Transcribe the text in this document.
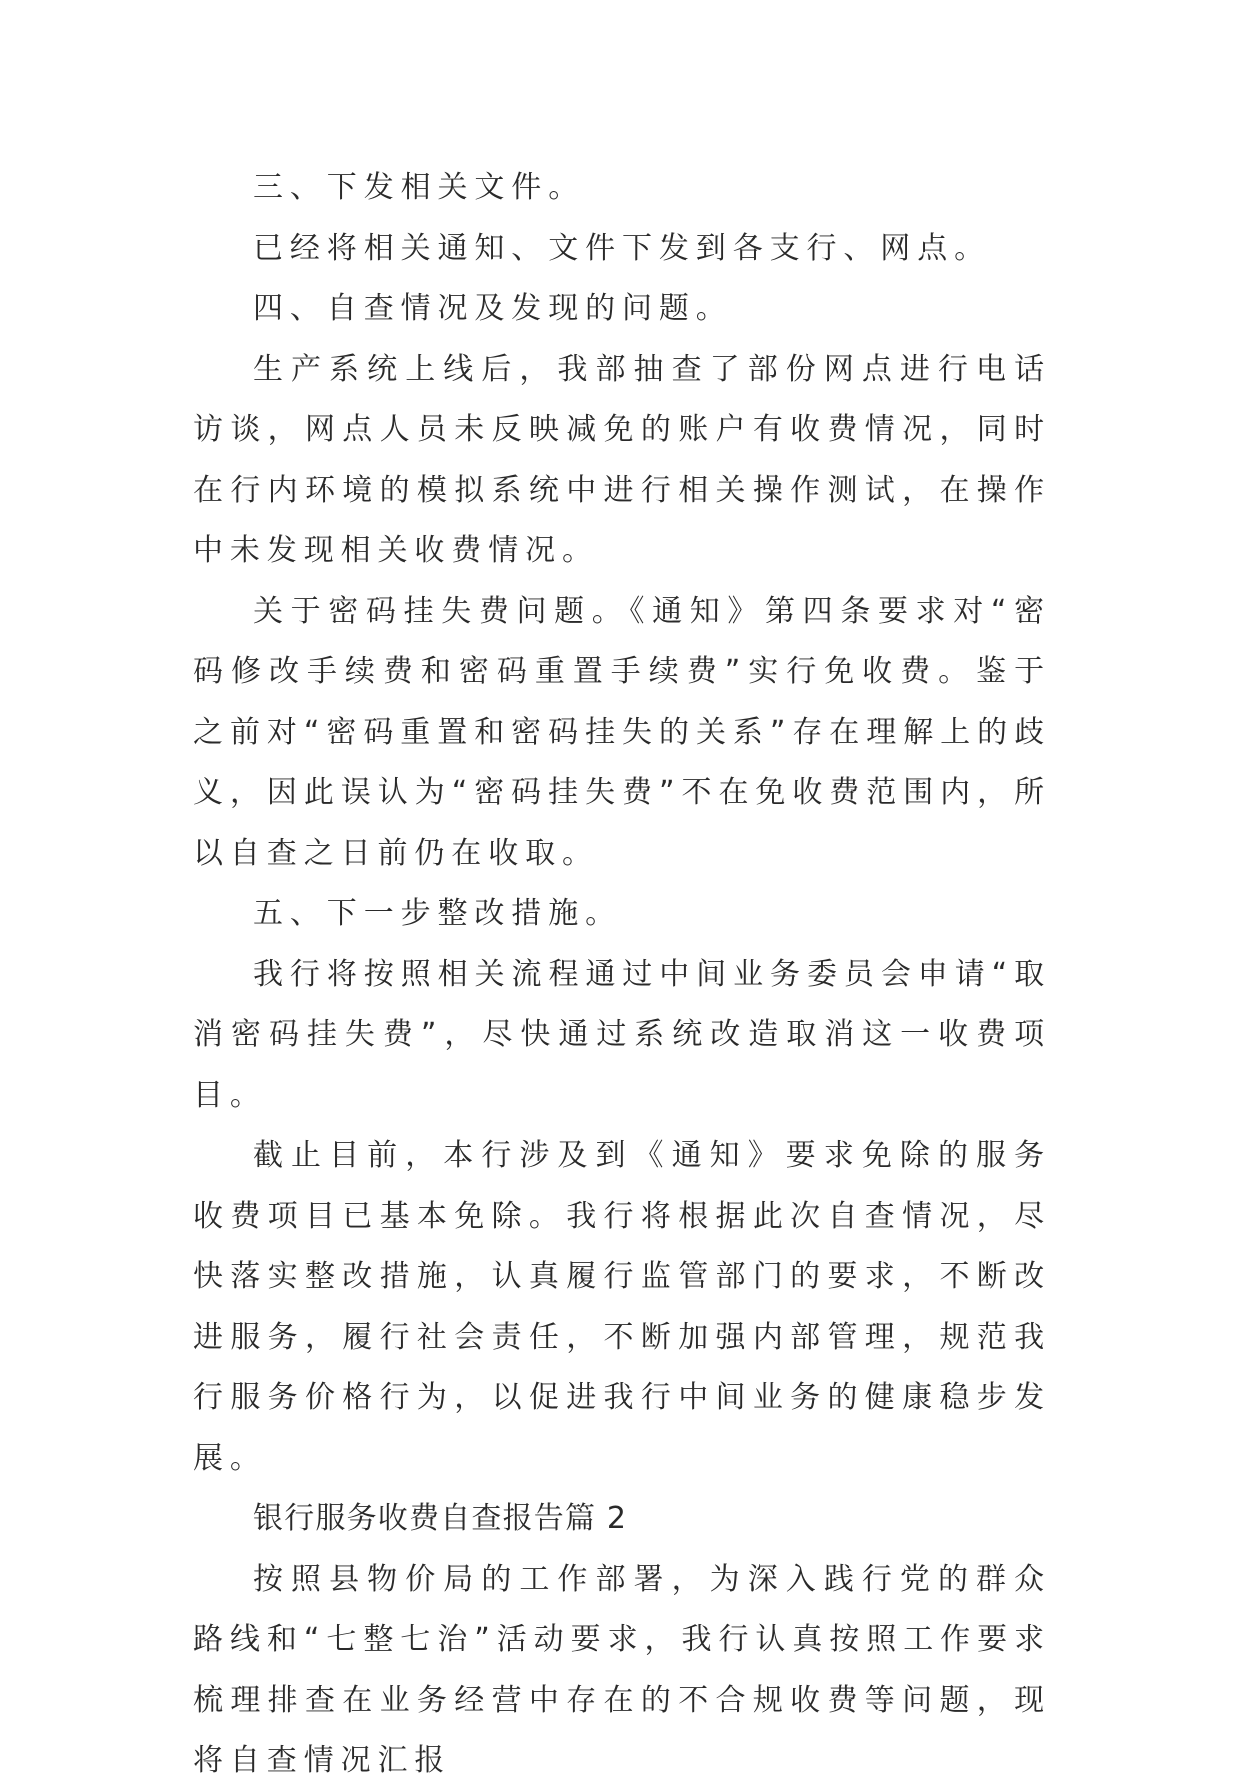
三、下发相关文件。

已经将相关通知、文件下发到各支行、网点。

四、自查情况及发现的问题。

生产系统上线后，我部抽查了部份网点进行电话访谈，网点人员未反映减免的账户有收费情况，同时在行内环境的模拟系统中进行相关操作测试，在操作中未发现相关收费情况。

关于密码挂失费问题。《通知》第四条要求对“密码修改手续费和密码重置手续费”实行免收费。鉴于之前对“密码重置和密码挂失的关系”存在理解上的歧义，因此误认为“密码挂失费”不在免收费范围内，所以自查之日前仍在收取。

五、下一步整改措施。

我行将按照相关流程通过中间业务委员会申请“取消密码挂失费”，尽快通过系统改造取消这一收费项目。

截止目前，本行涉及到《通知》要求免除的服务收费项目已基本免除。我行将根据此次自查情况，尽快落实整改措施，认真履行监管部门的要求，不断改进服务，履行社会责任，不断加强内部管理，规范我行服务价格行为，以促进我行中间业务的健康稳步发展。

银行服务收费自查报告篇 2

按照县物价局的工作部署，为深入践行党的群众路线和“七整七治”活动要求，我行认真按照工作要求梳理排查在业务经营中存在的不合规收费等问题，现将自查情况汇报
